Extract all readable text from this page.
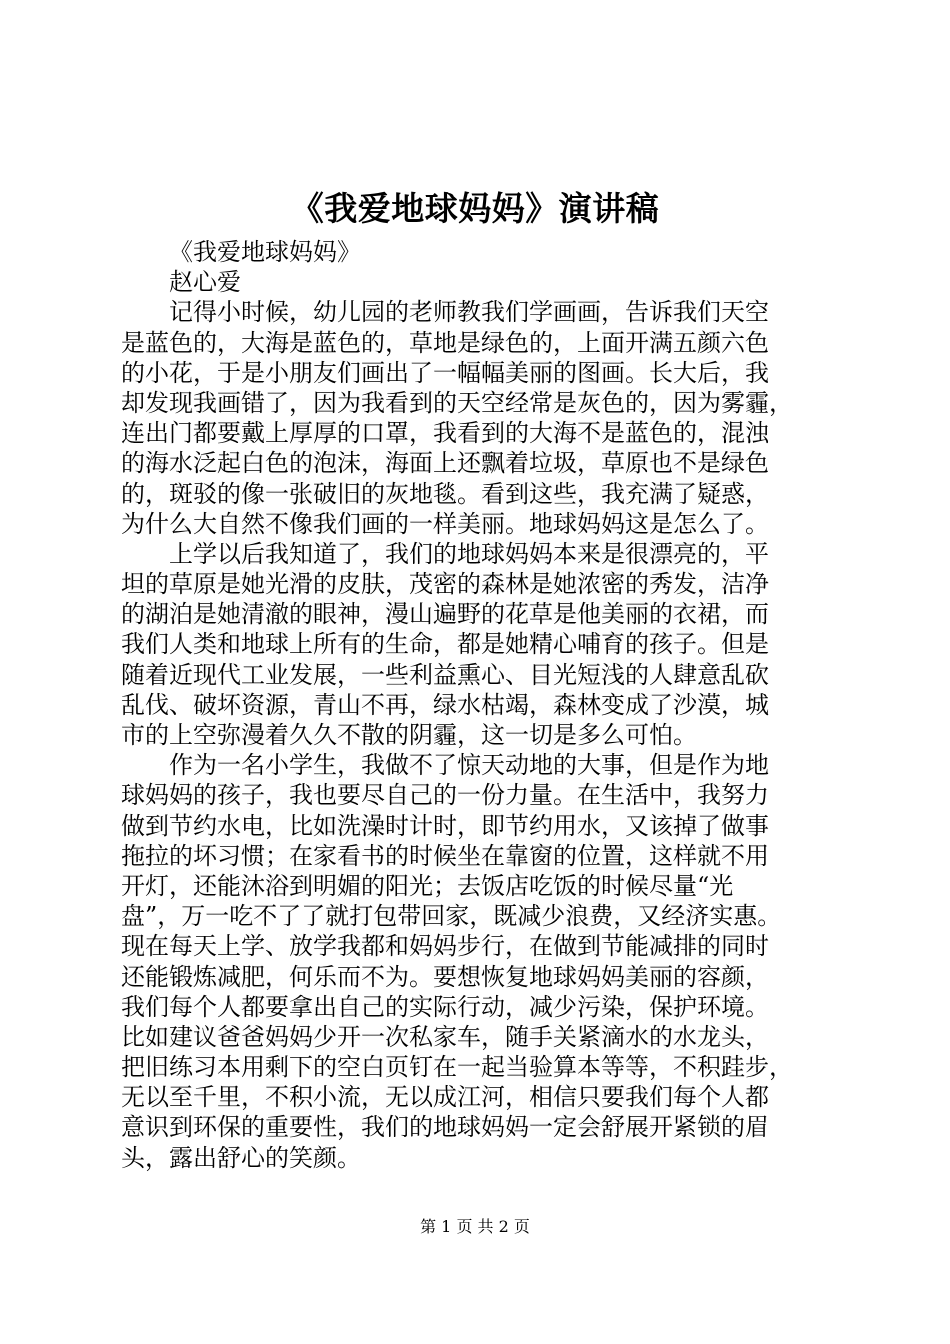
《我爱地球妈妈》演讲稿
《我爱地球妈妈》
赵心爱
记得小时候，幼儿园的老师教我们学画画，告诉我们天空
是蓝色的，大海是蓝色的，草地是绿色的，上面开满五颜六色
的小花，于是小朋友们画出了一幅幅美丽的图画。长大后，我
却发现我画错了，因为我看到的天空经常是灰色的，因为雾霾，
连出门都要戴上厚厚的口罩，我看到的大海不是蓝色的，混浊
的海水泛起白色的泡沫，海面上还飘着垃圾，草原也不是绿色
的，斑驳的像一张破旧的灰地毯。看到这些，我充满了疑惑，
为什么大自然不像我们画的一样美丽。地球妈妈这是怎么了。
上学以后我知道了，我们的地球妈妈本来是很漂亮的，平
坦的草原是她光滑的皮肤，茂密的森林是她浓密的秀发，洁净
的湖泊是她清澈的眼神，漫山遍野的花草是他美丽的衣裙，而
我们人类和地球上所有的生命，都是她精心哺育的孩子。但是
随着近现代工业发展，一些利益熏心、目光短浅的人肆意乱砍
乱伐、破坏资源，青山不再，绿水枯竭，森林变成了沙漠，城
市的上空弥漫着久久不散的阴霾，这一切是多么可怕。
作为一名小学生，我做不了惊天动地的大事，但是作为地
球妈妈的孩子，我也要尽自己的一份力量。在生活中，我努力
做到节约水电，比如洗澡时计时，即节约用水，又该掉了做事
拖拉的坏习惯；在家看书的时候坐在靠窗的位置，这样就不用
开灯，还能沐浴到明媚的阳光；去饭店吃饭的时候尽量“光
盘”，万一吃不了了就打包带回家，既减少浪费，又经济实惠。
现在每天上学、放学我都和妈妈步行，在做到节能减排的同时
还能锻炼减肥，何乐而不为。要想恢复地球妈妈美丽的容颜，
我们每个人都要拿出自己的实际行动，减少污染，保护环境。
比如建议爸爸妈妈少开一次私家车，随手关紧滴水的水龙头，
把旧练习本用剩下的空白页钉在一起当验算本等等，不积跬步，
无以至千里，不积小流，无以成江河，相信只要我们每个人都
意识到环保的重要性，我们的地球妈妈一定会舒展开紧锁的眉
头，露出舒心的笑颜。
第 1 页 共 2 页
